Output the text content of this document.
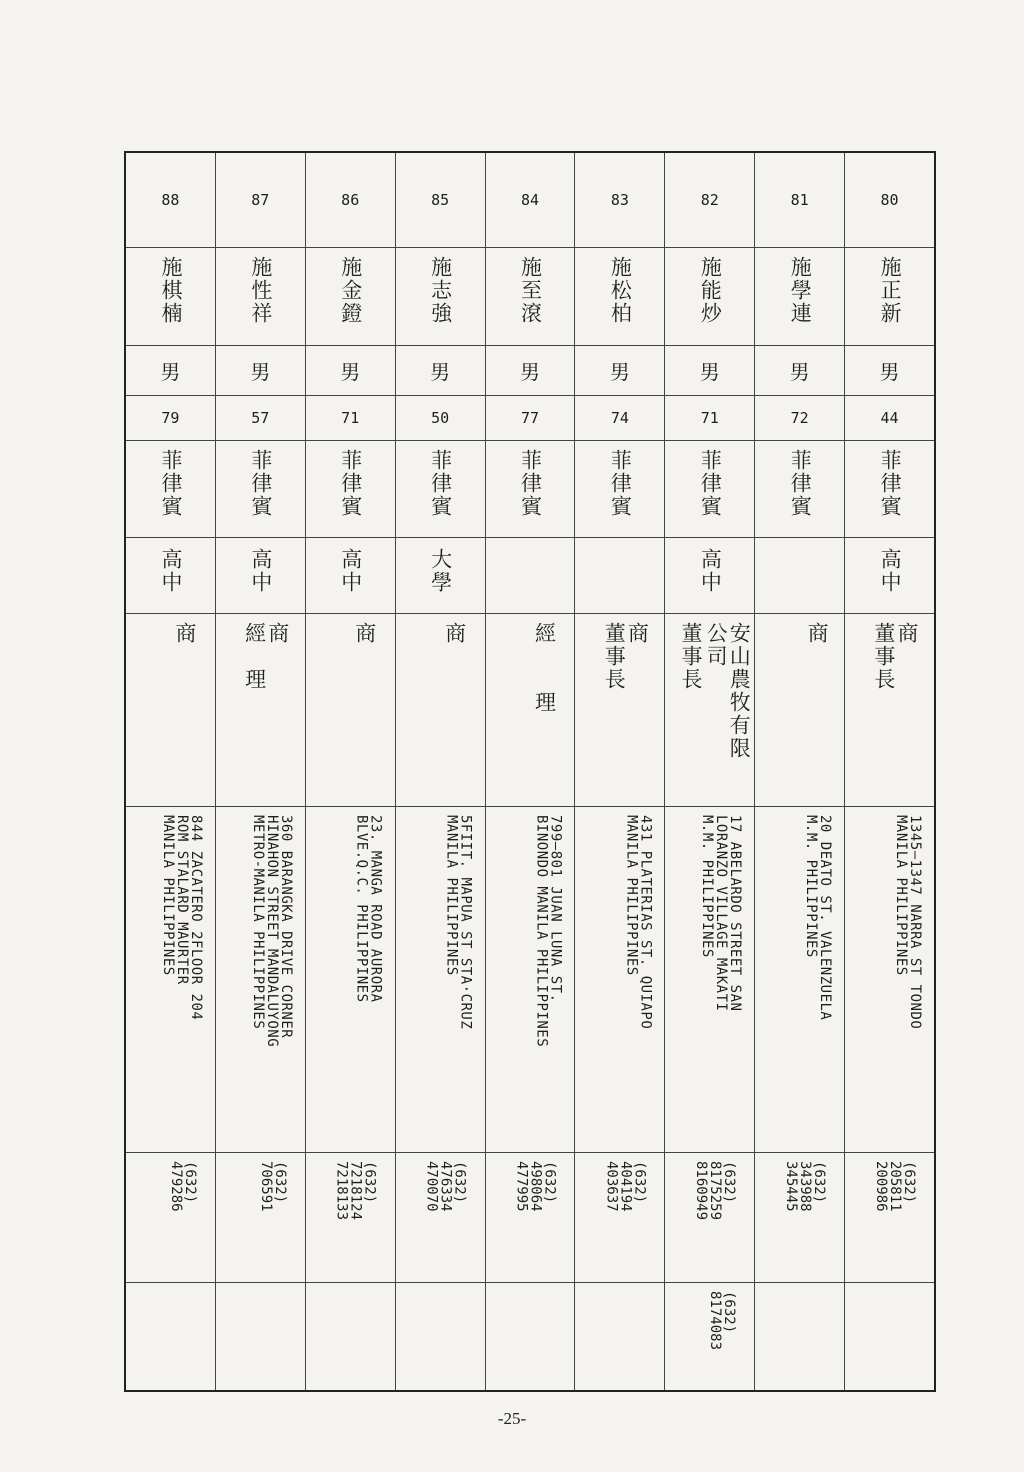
80
施正新
男
44
菲律賓
高中
商
董事長
1345—1347 NARRA ST TONDO
MANILA PHILIPPINES
(632)
205811
200986
81
施學連
男
72
菲律賓
商
20 DEATO ST. VALENZUELA
M.M. PHILIPPINES
(632)
343988
345445
82
施能炒
男
71
菲律賓
高中
安山農牧有限
公司
董事長
17 ABELARDO STREET SAN
LORANZO VILLAGE MAKATI
M.M. PHILIPPINES
(632)
8175259
8160949
(632)
8174083
83
施松柏
男
74
菲律賓
商
董事長
431 PLATERIAS ST. QUIAPO
MANILA PHILIPPINES
(632)
404194
403637
84
施至滾
男
77
菲律賓
經　　理
799—801 JUAN LUNA ST.
BINONDO MANILA PHILIPPINES
(632)
498064
477995
85
施志強
男
50
菲律賓
大學
商
5FIIT. MAPUA ST STA·CRUZ
MANILA PHILIPPINES
(632)
476334
470070
86
施金鐙
男
71
菲律賓
高中
商
23. MANGA ROAD AURORA
BLVE.Q.C. PHILIPPINES
(632)
7218124
7218133
87
施性祥
男
57
菲律賓
高中
商
經　理
360 BARANGKA DRIVE CORNER
HINAHON STREET MANDALUYONG
METRO-MANILA PHILIPPINES
(632)
706591
88
施棋楠
男
79
菲律賓
高中
商
844 ZACATERO 2FLOOR 204
ROM STALARD MAURTER
MANILA PHILIPPINES
(632)
479286
-25-
